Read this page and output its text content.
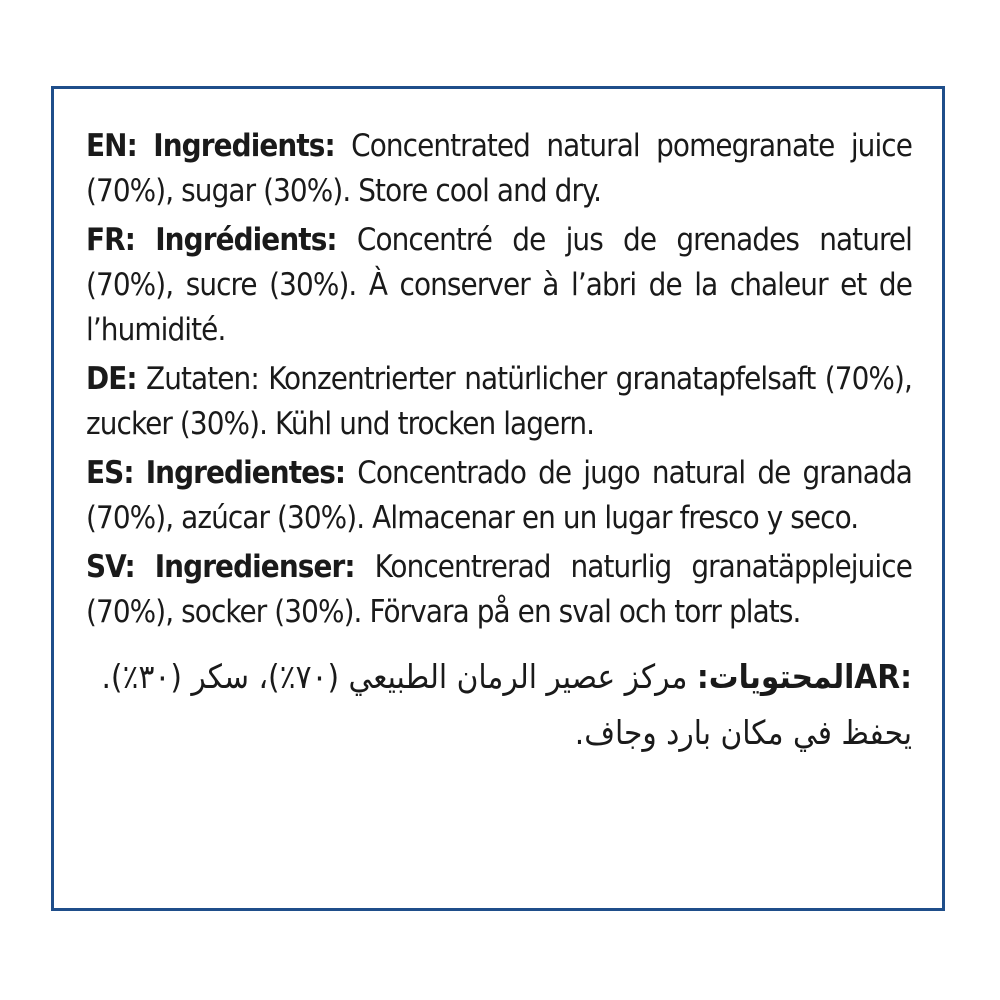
EN: Ingredients: Concentrated natural pomegranate juice (70%), sugar (30%). Store cool and dry.

FR: Ingrédients: Concentré de jus de grenades naturel (70%), sucre (30%). À conserver à l’abri de la chaleur et de l’humidité.

DE: Zutaten: Konzentrierter natürlicher granatapfelsaft (70%), zucker (30%). Kühl und trocken lagern.

ES: Ingredientes: Concentrado de jugo natural de granada (70%), azúcar (30%). Almacenar en un lugar fresco y seco.

SV: Ingredienser: Koncentrerad naturlig granatäpplejuice (70%), socker (30%). Förvara på en sval och torr plats.

AR:المحتويات: مركز عصير الرمان الطبيعي (٧٠٪)، سكر (٣٠٪). يحفظ في مكان بارد وجاف.
